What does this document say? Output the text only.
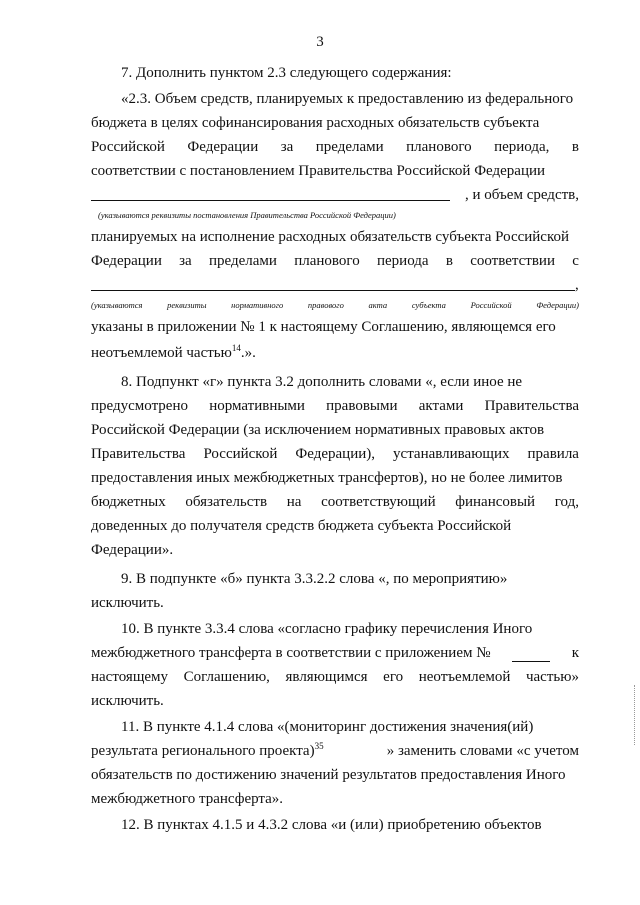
3
7. Дополнить пунктом 2.3 следующего содержания:
«2.3. Объем средств, планируемых к предоставлению из федерального
бюджета в целях софинансирования расходных обязательств субъекта
Российской Федерации за пределами планового периода, в
соответствии с постановлением Правительства Российской Федерации
, и объем средств,
(указываются реквизиты постановления Правительства Российской Федерации)
планируемых на исполнение расходных обязательств субъекта Российской
Федерации за пределами планового периода в соответствии с
,
(указываются	реквизиты	нормативного	правового	акта	субъекта	Российской	Федерации)
указаны в приложении № 1 к настоящему Соглашению, являющемся его
неотъемлемой частью$^{14}$.».
8. Подпункт «г» пункта 3.2 дополнить словами «, если иное не
предусмотрено нормативными правовыми актами Правительства
Российской Федерации (за исключением нормативных правовых актов
Правительства Российской Федерации), устанавливающих правила
предоставления иных межбюджетных трансфертов), но не более лимитов
бюджетных обязательств на соответствующий финансовый год,
доведенных до получателя средств бюджета субъекта Российской
Федерации».
9. В подпункте «б» пункта 3.3.2.2 слова «, по мероприятию»
исключить.
10. В пункте 3.3.4 слова «согласно графику перечисления Иного
межбюджетного трансферта в соответствии с приложением №	к
настоящему Соглашению, являющимся его неотъемлемой частью»
исключить.
11. В пункте 4.1.4 слова «(мониторинг достижения значения(ий)
результата регионального проекта)$^{35}$	» заменить словами «с учетом
обязательств по достижению значений результатов предоставления Иного
межбюджетного трансферта».
12. В пунктах 4.1.5 и 4.3.2 слова «и (или) приобретению объектов
